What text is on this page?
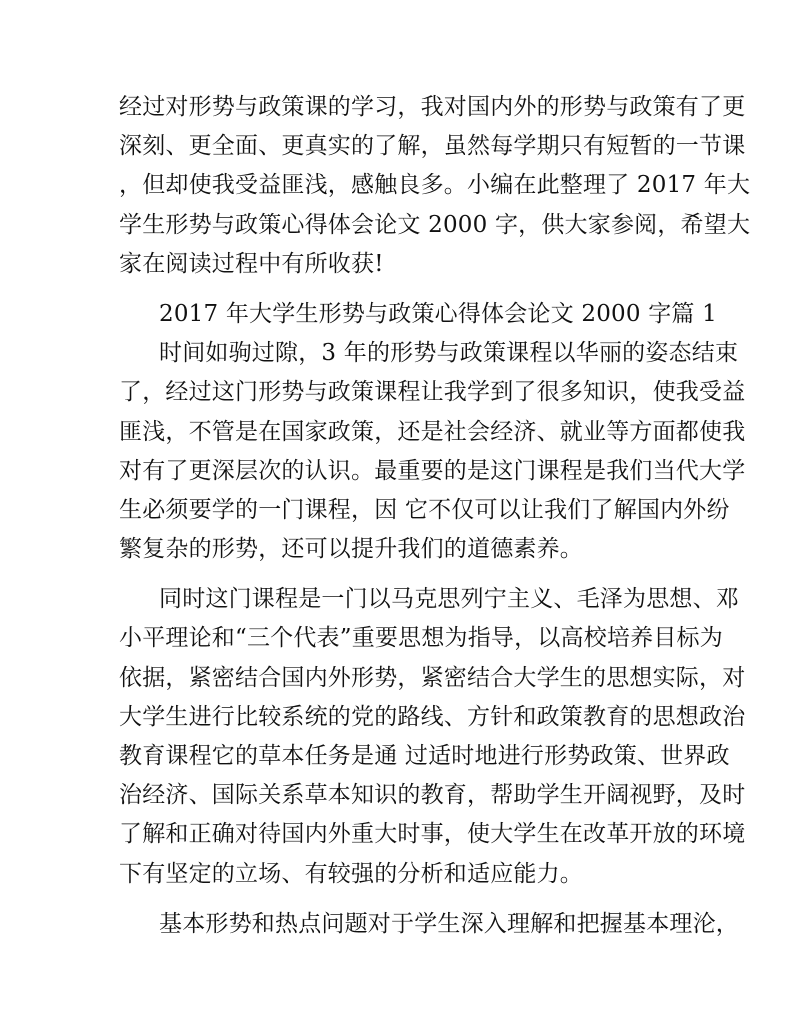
经过对形势与政策课的学习，我对国内外的形势与政策有了更
深刻、更全面、更真实的了解，虽然每学期只有短暂的一节课
，但却使我受益匪浅，感触良多。小编在此整理了 2017 年大
学生形势与政策心得体会论文 2000 字，供大家参阅，希望大
家在阅读过程中有所收获!
2017 年大学生形势与政策心得体会论文 2000 字篇 1
时间如驹过隙，3 年的形势与政策课程以华丽的姿态结束
了，经过这门形势与政策课程让我学到了很多知识，使我受益
匪浅，不管是在国家政策，还是社会经济、就业等方面都使我
对有了更深层次的认识。最重要的是这门课程是我们当代大学
生必须要学的一门课程，因 它不仅可以让我们了解国内外纷
繁复杂的形势，还可以提升我们的道德素养。
同时这门课程是一门以马克思列宁主义、毛泽为思想、邓
小平理论和“三个代表”重要思想为指导，以高校培养目标为
依据，紧密结合国内外形势，紧密结合大学生的思想实际，对
大学生进行比较系统的党的路线、方针和政策教育的思想政治
教育课程它的草本任务是通 过适时地进行形势政策、世界政
治经济、国际关系草本知识的教育，帮助学生开阔视野，及时
了解和正确对待国内外重大时事，使大学生在改革开放的环境
下有坚定的立场、有较强的分析和适应能力。
基本形势和热点问题对于学生深入理解和把握基本理沦，
